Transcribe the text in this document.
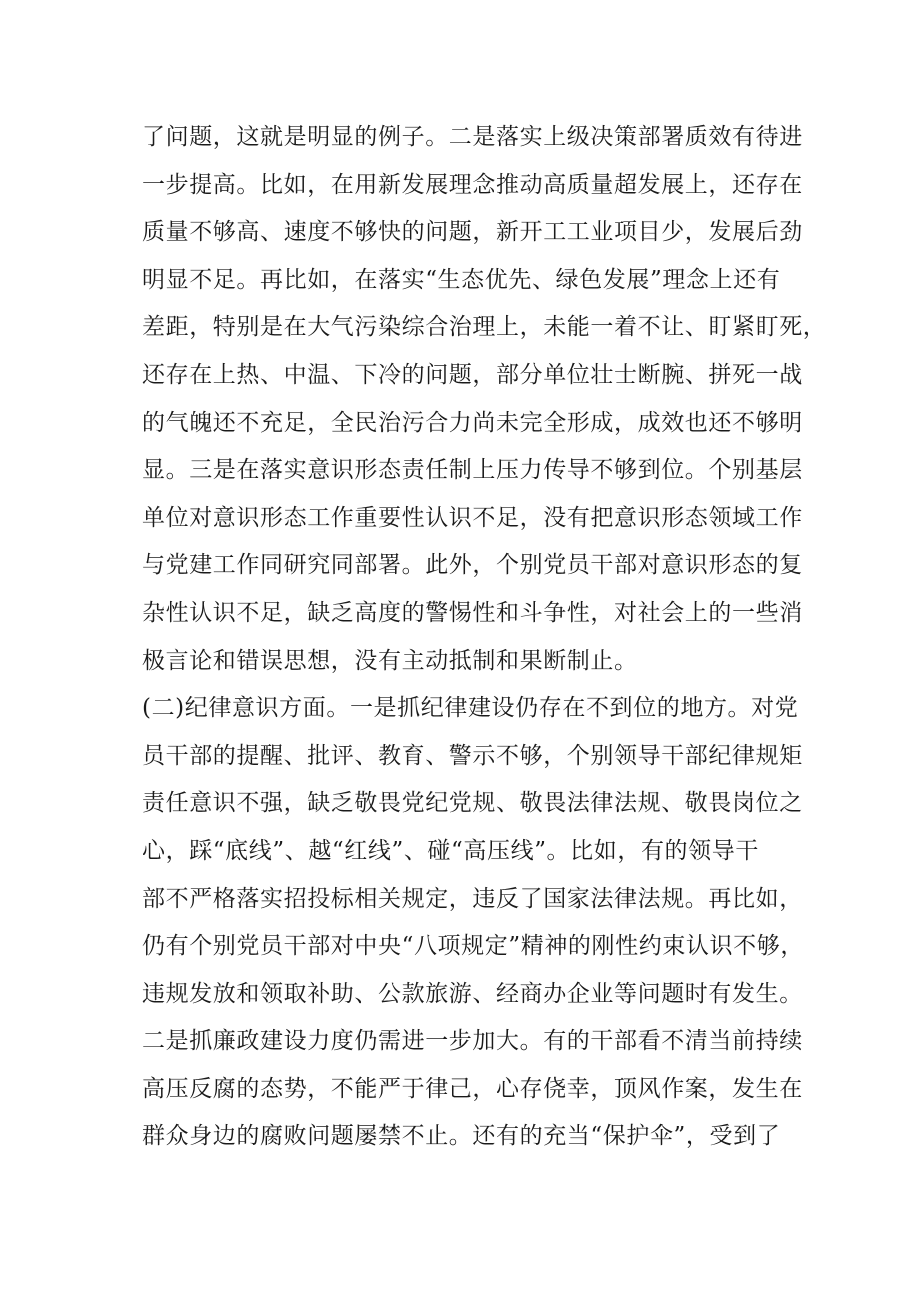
了问题，这就是明显的例子。二是落实上级决策部署质效有待进
一步提高。比如，在用新发展理念推动高质量超发展上，还存在
质量不够高、速度不够快的问题，新开工工业项目少，发展后劲
明显不足。再比如，在落实“生态优先、绿色发展”理念上还有
差距，特别是在大气污染综合治理上，未能一着不让、盯紧盯死，
还存在上热、中温、下冷的问题，部分单位壮士断腕、拼死一战
的气魄还不充足，全民治污合力尚未完全形成，成效也还不够明
显。三是在落实意识形态责任制上压力传导不够到位。个别基层
单位对意识形态工作重要性认识不足，没有把意识形态领域工作
与党建工作同研究同部署。此外，个别党员干部对意识形态的复
杂性认识不足，缺乏高度的警惕性和斗争性，对社会上的一些消
极言论和错误思想，没有主动抵制和果断制止。
(二)纪律意识方面。一是抓纪律建设仍存在不到位的地方。对党
员干部的提醒、批评、教育、警示不够，个别领导干部纪律规矩
责任意识不强，缺乏敬畏党纪党规、敬畏法律法规、敬畏岗位之
心，踩“底线”、越“红线”、碰“高压线”。比如，有的领导干
部不严格落实招投标相关规定，违反了国家法律法规。再比如，
仍有个别党员干部对中央“八项规定”精神的刚性约束认识不够，
违规发放和领取补助、公款旅游、经商办企业等问题时有发生。
二是抓廉政建设力度仍需进一步加大。有的干部看不清当前持续
高压反腐的态势，不能严于律己，心存侥幸，顶风作案，发生在
群众身边的腐败问题屡禁不止。还有的充当“保护伞”，受到了
